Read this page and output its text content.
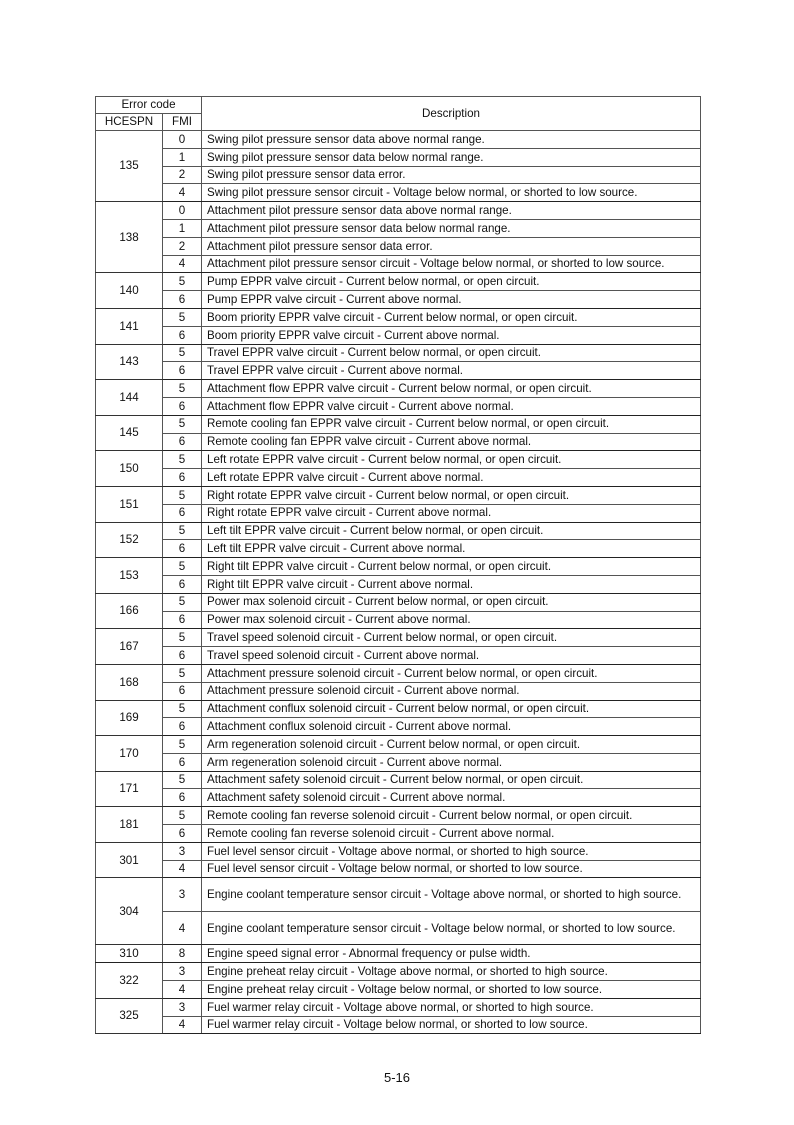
Error code		Description
HCESPN	FMI	
135	0	Swing pilot pressure sensor data above normal range.
	1	Swing pilot pressure sensor data below normal range.
	2	Swing pilot pressure sensor data error.
	4	Swing pilot pressure sensor circuit - Voltage below normal, or shorted to low source.
138	0	Attachment pilot pressure sensor data above normal range.
	1	Attachment pilot pressure sensor data below normal range.
	2	Attachment pilot pressure sensor data error.
	4	Attachment pilot pressure sensor circuit - Voltage below normal, or shorted to low source.
140	5	Pump EPPR valve circuit - Current below normal, or open circuit.
	6	Pump EPPR valve circuit - Current above normal.
141	5	Boom priority EPPR valve circuit - Current below normal, or open circuit.
	6	Boom priority EPPR valve circuit - Current above normal.
143	5	Travel EPPR valve circuit - Current below normal, or open circuit.
	6	Travel EPPR valve circuit - Current above normal.
144	5	Attachment flow EPPR valve circuit - Current below normal, or open circuit.
	6	Attachment flow EPPR valve circuit - Current above normal.
145	5	Remote cooling fan EPPR valve circuit - Current below normal, or open circuit.
	6	Remote cooling fan EPPR valve circuit - Current above normal.
150	5	Left rotate EPPR valve circuit - Current below normal, or open circuit.
	6	Left rotate EPPR valve circuit - Current above normal.
151	5	Right rotate EPPR valve circuit - Current below normal, or open circuit.
	6	Right rotate EPPR valve circuit - Current above normal.
152	5	Left tilt EPPR valve circuit - Current below normal, or open circuit.
	6	Left tilt EPPR valve circuit - Current above normal.
153	5	Right tilt EPPR valve circuit - Current below normal, or open circuit.
	6	Right tilt EPPR valve circuit - Current above normal.
166	5	Power max solenoid circuit - Current below normal, or open circuit.
	6	Power max solenoid circuit - Current above normal.
167	5	Travel speed solenoid circuit - Current below normal, or open circuit.
	6	Travel speed solenoid circuit - Current above normal.
168	5	Attachment pressure solenoid circuit - Current below normal, or open circuit.
	6	Attachment pressure solenoid circuit - Current above normal.
169	5	Attachment conflux solenoid circuit - Current below normal, or open circuit.
	6	Attachment conflux solenoid circuit - Current above normal.
170	5	Arm regeneration solenoid circuit - Current below normal, or open circuit.
	6	Arm regeneration solenoid circuit - Current above normal.
171	5	Attachment safety solenoid circuit - Current below normal, or open circuit.
	6	Attachment safety solenoid circuit - Current above normal.
181	5	Remote cooling fan reverse solenoid circuit - Current below normal, or open circuit.
	6	Remote cooling fan reverse solenoid circuit - Current above normal.
301	3	Fuel level sensor circuit - Voltage above normal, or shorted to high source.
	4	Fuel level sensor circuit - Voltage below normal, or shorted to low source.
304	3	Engine coolant temperature sensor circuit - Voltage above normal, or shorted to high source.
	4	Engine coolant temperature sensor circuit - Voltage below normal, or shorted to low source.
310	8	Engine speed signal error - Abnormal frequency or pulse width.
322	3	Engine preheat relay circuit - Voltage above normal, or shorted to high source.
	4	Engine preheat relay circuit - Voltage below normal, or shorted to low source.
325	3	Fuel warmer relay circuit - Voltage above normal, or shorted to high source.
	4	Fuel warmer relay circuit - Voltage below normal, or shorted to low source.
5-16
